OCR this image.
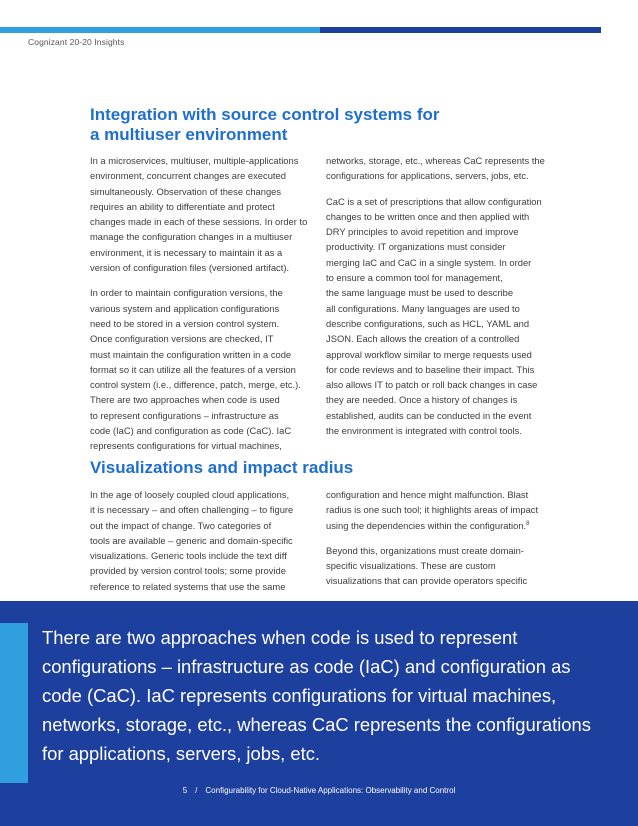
Cognizant 20-20 Insights
Integration with source control systems for
a multiuser environment

In a microservices, multiuser, multiple-applications
environment, concurrent changes are executed
simultaneously. Observation of these changes
requires an ability to differentiate and protect
changes made in each of these sessions. In order to
manage the configuration changes in a multiuser
environment, it is necessary to maintain it as a
version of configuration files (versioned artifact).

In order to maintain configuration versions, the
various system and application configurations
need to be stored in a version control system.
Once configuration versions are checked, IT
must maintain the configuration written in a code
format so it can utilize all the features of a version
control system (i.e., difference, patch, merge, etc.).
There are two approaches when code is used
to represent configurations – infrastructure as
code (IaC) and configuration as code (CaC). IaC
represents configurations for virtual machines,

networks, storage, etc., whereas CaC represents the
configurations for applications, servers, jobs, etc.

CaC is a set of prescriptions that allow configuration
changes to be written once and then applied with
DRY principles to avoid repetition and improve
productivity. IT organizations must consider
merging IaC and CaC in a single system. In order
to ensure a common tool for management,
the same language must be used to describe
all configurations. Many languages are used to
describe configurations, such as HCL, YAML and
JSON. Each allows the creation of a controlled
approval workflow similar to merge requests used
for code reviews and to baseline their impact. This
also allows IT to patch or roll back changes in case
they are needed. Once a history of changes is
established, audits can be conducted in the event
the environment is integrated with control tools.

Visualizations and impact radius

In the age of loosely coupled cloud applications,
it is necessary – and often challenging – to figure
out the impact of change. Two categories of
tools are available – generic and domain-specific
visualizations. Generic tools include the text diff
provided by version control tools; some provide
reference to related systems that use the same

configuration and hence might malfunction. Blast
radius is one such tool; it highlights areas of impact
using the dependencies within the configuration.$^8$

Beyond this, organizations must create domain-
specific visualizations. These are custom
visualizations that can provide operators specific

There are two approaches when code is used to represent
configurations – infrastructure as code (IaC) and configuration as
code (CaC). IaC represents configurations for virtual machines,
networks, storage, etc., whereas CaC represents the configurations
for applications, servers, jobs, etc.

5 / Configurability for Cloud-Native Applications: Observability and Control
